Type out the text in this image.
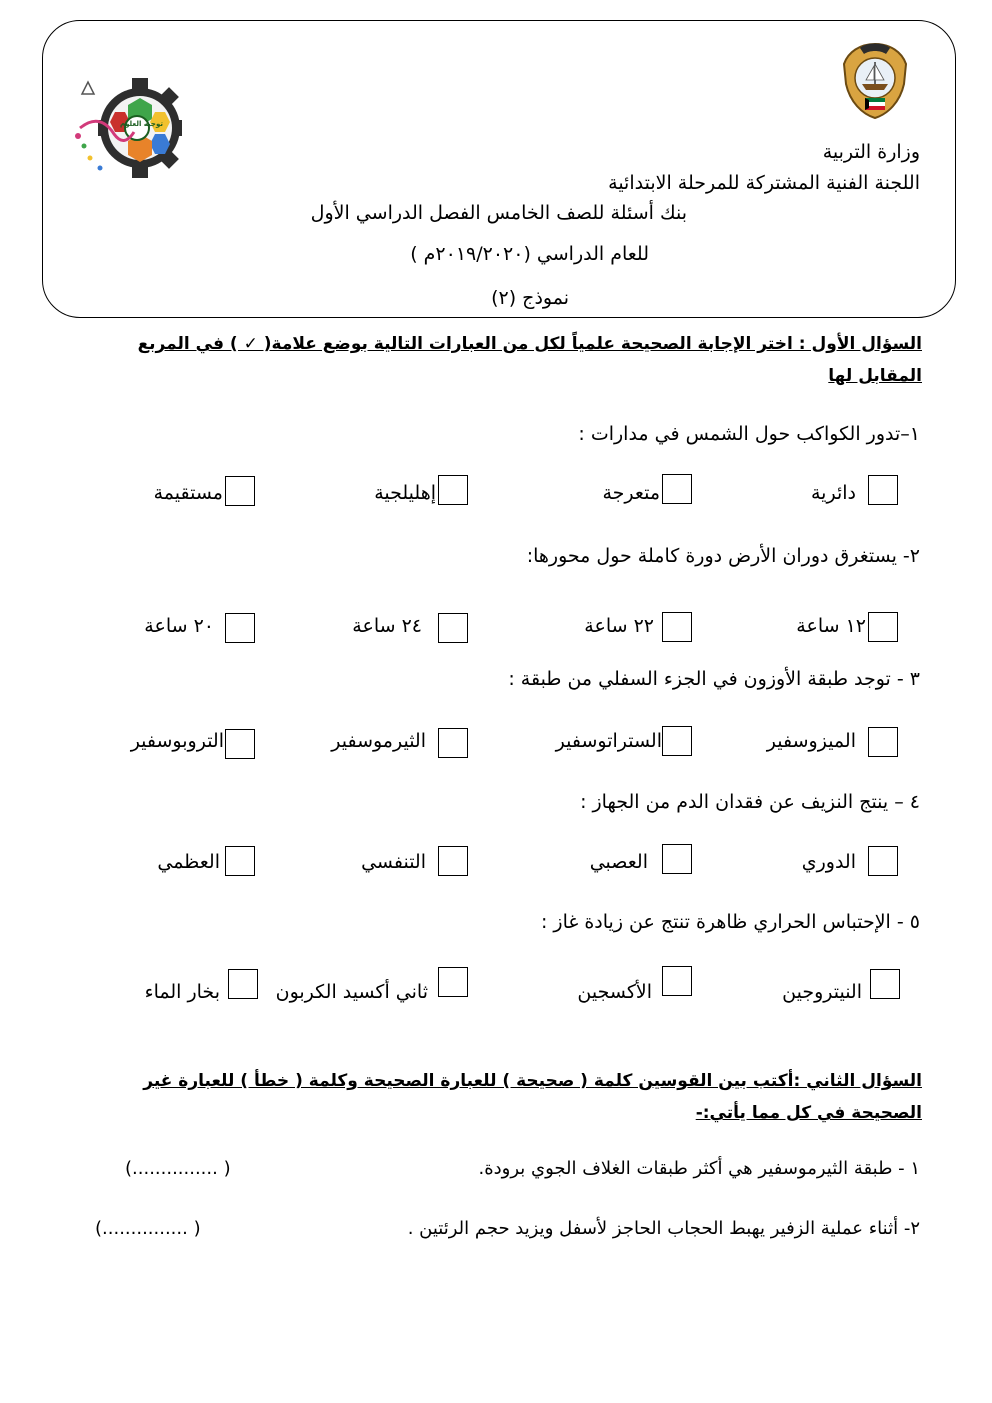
توجيه العلوم
وزارة التربية
اللجنة الفنية المشتركة للمرحلة الابتدائية
بنك أسئلة للصف الخامس الفصل الدراسي الأول
للعام الدراسي (٢٠١٩/٢٠٢٠م )
نموذج (٢)
السؤال الأول : اختر الإجابة الصحيحة علمياً لكل من العبارات التالية بوضع علامة( ✓ ) في المربع المقابل لها
١–تدور الكواكب حول الشمس في مدارات :
دائرية
متعرجة
إهليلجية
مستقيمة
٢- يستغرق دوران الأرض دورة كاملة حول محورها:
١٢ ساعة
٢٢ ساعة
٢٤ ساعة
٢٠ ساعة
٣ - توجد طبقة الأوزون في الجزء السفلي من طبقة :
الميزوسفير
الستراتوسفير
الثيرموسفير
التروبوسفير
٤ – ينتج النزيف عن فقدان الدم من الجهاز :
الدوري
العصبي
التنفسي
العظمي
٥ - الإحتباس الحراري ظاهرة تنتج عن زيادة غاز :
النيتروجين
الأكسجين
ثاني أكسيد الكربون
بخار الماء
السؤال الثاني :أكتب بين القوسين كلمة ( صحيحة ) للعبارة الصحيحة وكلمة ( خطأ ) للعبارة غير الصحيحة في كل مما يأتي:-
١ - طبقة الثيرموسفير هي أكثر طبقات الغلاف الجوي برودة.
(............... )
٢- أثناء عملية الزفير يهبط الحجاب الحاجز لأسفل ويزيد حجم الرئتين .
(............... )
